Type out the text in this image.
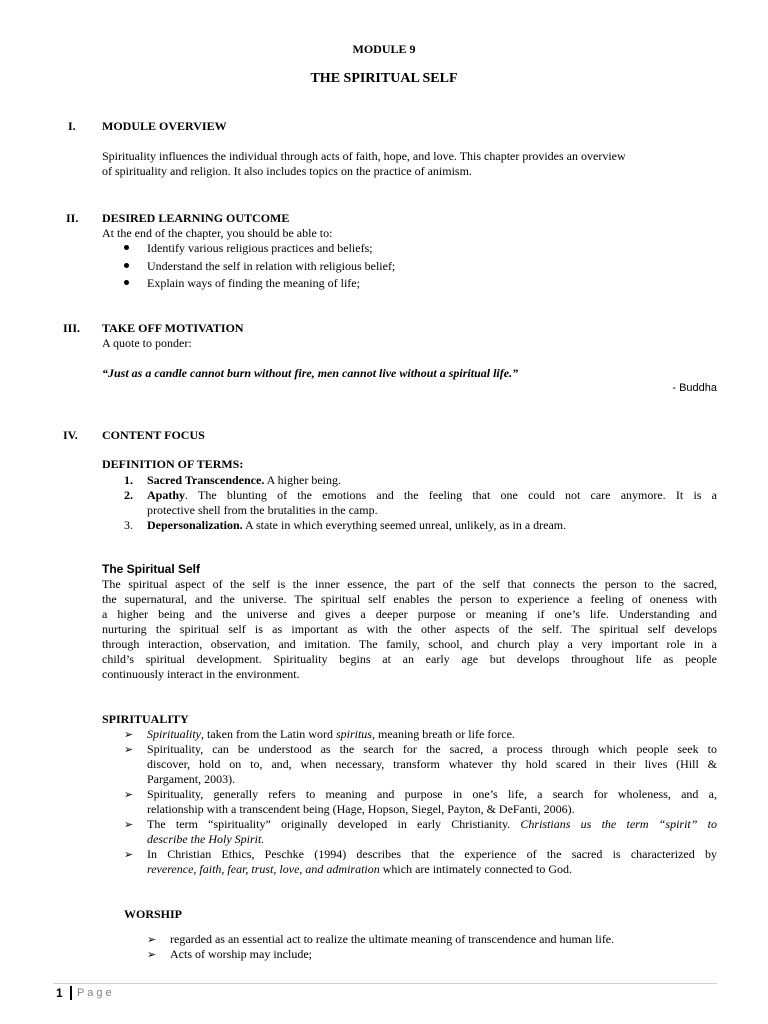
MODULE 9
THE SPIRITUAL SELF
I. MODULE OVERVIEW
Spirituality influences the individual through acts of faith, hope, and love. This chapter provides an overview
of spirituality and religion. It also includes topics on the practice of animism.
II. DESIRED LEARNING OUTCOME
At the end of the chapter, you should be able to:
Identify various religious practices and beliefs;
Understand the self in relation with religious belief;
Explain ways of finding the meaning of life;
III. TAKE OFF MOTIVATION
A quote to ponder:
“Just as a candle cannot burn without fire, men cannot live without a spiritual life.”
- Buddha
IV. CONTENT FOCUS
DEFINITION OF TERMS:
1. Sacred Transcendence. A higher being.
2. Apathy. The blunting of the emotions and the feeling that one could not care anymore. It is a
protective shell from the brutalities in the camp.
3. Depersonalization. A state in which everything seemed unreal, unlikely, as in a dream.
The Spiritual Self
The spiritual aspect of the self is the inner essence, the part of the self that connects the person to the sacred,
the supernatural, and the universe. The spiritual self enables the person to experience a feeling of oneness with
a higher being and the universe and gives a deeper purpose or meaning if one’s life. Understanding and
nurturing the spiritual self is as important as with the other aspects of the self. The spiritual self develops
through interaction, observation, and imitation. The family, school, and church play a very important role in a
child’s spiritual development. Spirituality begins at an early age but develops throughout life as people
continuously interact in the environment.
SPIRITUALITY
➢ Spirituality, taken from the Latin word spiritus, meaning breath or life force.
➢ Spirituality, can be understood as the search for the sacred, a process through which people seek to
discover, hold on to, and, when necessary, transform whatever thy hold scared in their lives (Hill &
Pargament, 2003).
➢ Spirituality, generally refers to meaning and purpose in one’s life, a search for wholeness, and a,
relationship with a transcendent being (Hage, Hopson, Siegel, Payton, & DeFanti, 2006).
➢ The term “spirituality” originally developed in early Christianity. Christians us the term “spirit” to
describe the Holy Spirit.
➢ In Christian Ethics, Peschke (1994) describes that the experience of the sacred is characterized by
reverence, faith, fear, trust, love, and admiration which are intimately connected to God.
WORSHIP
➢ regarded as an essential act to realize the ultimate meaning of transcendence and human life.
➢ Acts of worship may include;
1 P a g e
